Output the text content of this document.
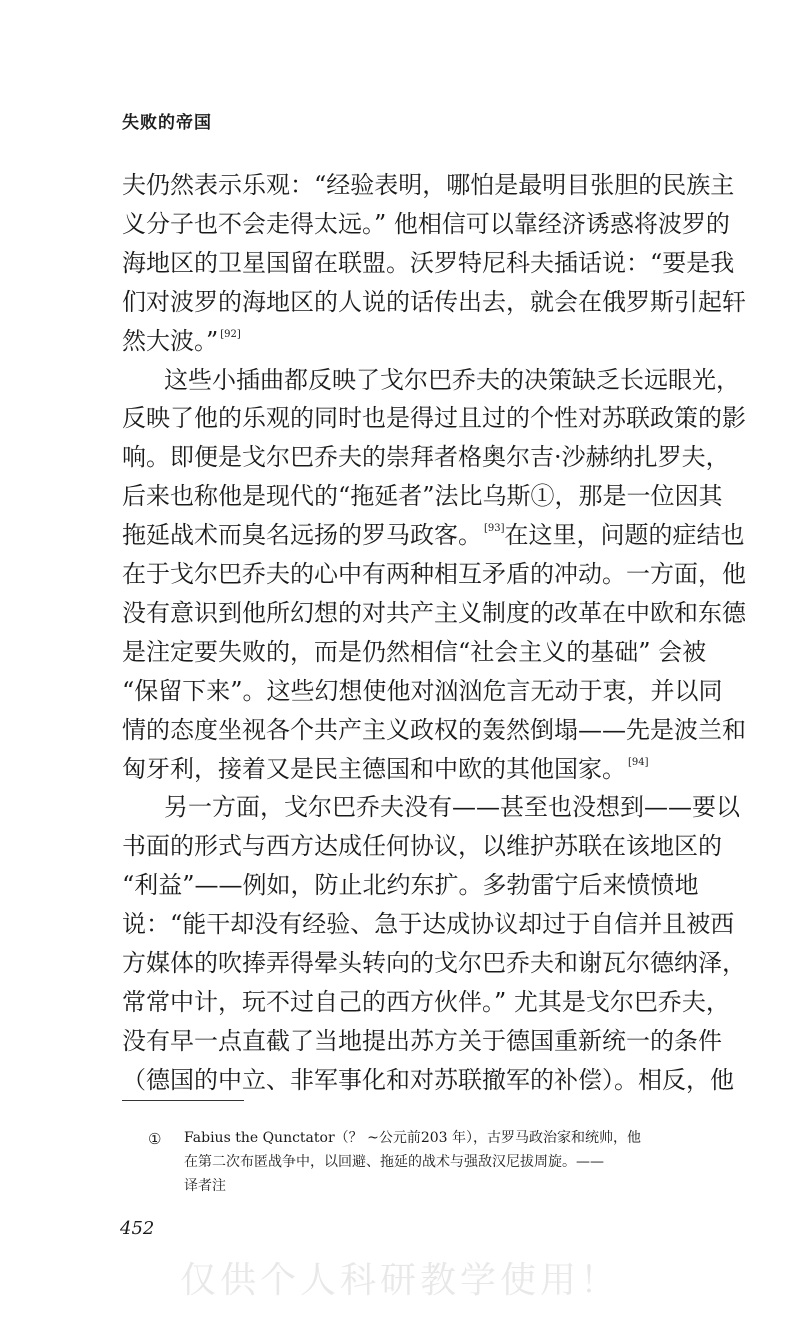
失败的帝国
夫仍然表示乐观：“经验表明，哪怕是最明目张胆的民族主
义分子也不会走得太远。” 他相信可以靠经济诱惑将波罗的
海地区的卫星国留在联盟。沃罗特尼科夫插话说：“要是我
们对波罗的海地区的人说的话传出去，就会在俄罗斯引起轩
然大波。” [92]
这些小插曲都反映了戈尔巴乔夫的决策缺乏长远眼光，
反映了他的乐观的同时也是得过且过的个性对苏联政策的影
响。即便是戈尔巴乔夫的崇拜者格奥尔吉·沙赫纳扎罗夫，
后来也称他是现代的“拖延者”法比乌斯①，那是一位因其
拖延战术而臭名远扬的罗马政客。 [93]在这里，问题的症结也
在于戈尔巴乔夫的心中有两种相互矛盾的冲动。一方面，他
没有意识到他所幻想的对共产主义制度的改革在中欧和东德
是注定要失败的，而是仍然相信“社会主义的基础” 会被
“保留下来”。这些幻想使他对汹汹危言无动于衷，并以同
情的态度坐视各个共产主义政权的轰然倒塌——先是波兰和
匈牙利，接着又是民主德国和中欧的其他国家。 [94]
另一方面，戈尔巴乔夫没有——甚至也没想到——要以
书面的形式与西方达成任何协议，以维护苏联在该地区的
“利益”——例如，防止北约东扩。多勃雷宁后来愤愤地
说：“能干却没有经验、急于达成协议却过于自信并且被西
方媒体的吹捧弄得晕头转向的戈尔巴乔夫和谢瓦尔德纳泽，
常常中计，玩不过自己的西方伙伴。” 尤其是戈尔巴乔夫，
没有早一点直截了当地提出苏方关于德国重新统一的条件
（德国的中立、非军事化和对苏联撤军的补偿）。相反，他
① Fabius the Qunctator（？ ~公元前203 年），古罗马政治家和统帅，他
在第二次布匿战争中，以回避、拖延的战术与强敌汉尼拔周旋。——
译者注
452
仅供个人科研教学使用！
